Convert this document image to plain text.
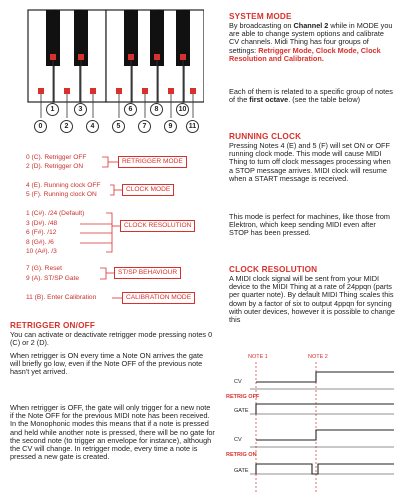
1	3	6	8	10
0	2	4	5	7	9	11
0 (C). Retrigger OFF
2 (D). Retrigger ON
RETRIGGER MODE
4 (E). Running clock OFF
5 (F). Running clock ON
CLOCK MODE
1 (C#). /24 (Default)
3 (D#). /48
6 (F#). /12
8 (G#). /6
10 (A#). /3
CLOCK RESOLUTION
7 (G). Reset
9 (A). ST/SP Gate
ST/SP BEHAVIOUR
11 (B). Enter Calibration	CALIBRATION MODE
SYSTEM MODE
By broadcasting on Channel 2 while in MODE you are able to change system options and calibrate CV channels. Midi Thing has four groups of settings: Retrigger Mode, Clock Mode, Clock Resolution and Calibration.
Each of them is related to a specific group of notes of the first octave. (see the table below)
RUNNING CLOCK
Pressing Notes 4 (E) and 5 (F) will set ON or OFF running clock mode. This mode will cause MIDI Thing to turn off clock messages processing when a STOP message arrives. MIDI clock will resume when a START message is received.
This mode is perfect for machines, like those from Elektron, which keep sending MIDI even after STOP has been pressed.
CLOCK RESOLUTION
A MIDI clock signal will be sent from your MIDI device to the MIDI Thing at a rate of 24ppqn (parts per quarter note). By default MIDI Thing scales this down by a factor of six to output 4ppqn for syncing with outer devices, however it is possible to change this
RETRIGGER ON/OFF
You can activate or deactivate retrigger mode pressing notes 0 (C) or 2 (D).
When retrigger is ON every time a Note ON arrives the gate will briefly go low, even if the Note OFF of the previous note hasn't yet arrived.
When retrigger is OFF, the gate will only trigger for a new note if the Note OFF for the previous MIDI note has been received. In the Monophonic modes this means that if a note is pressed and held while another note is pressed, there will be no gate for the second note (to trigger an envelope for instance), although the CV will change. In retrigger mode, every time a note is pressed a new gate is created.
NOTE 1	NOTE 2
CV
RETRIG OFF
GATE
CV
RETRIG ON
GATE
